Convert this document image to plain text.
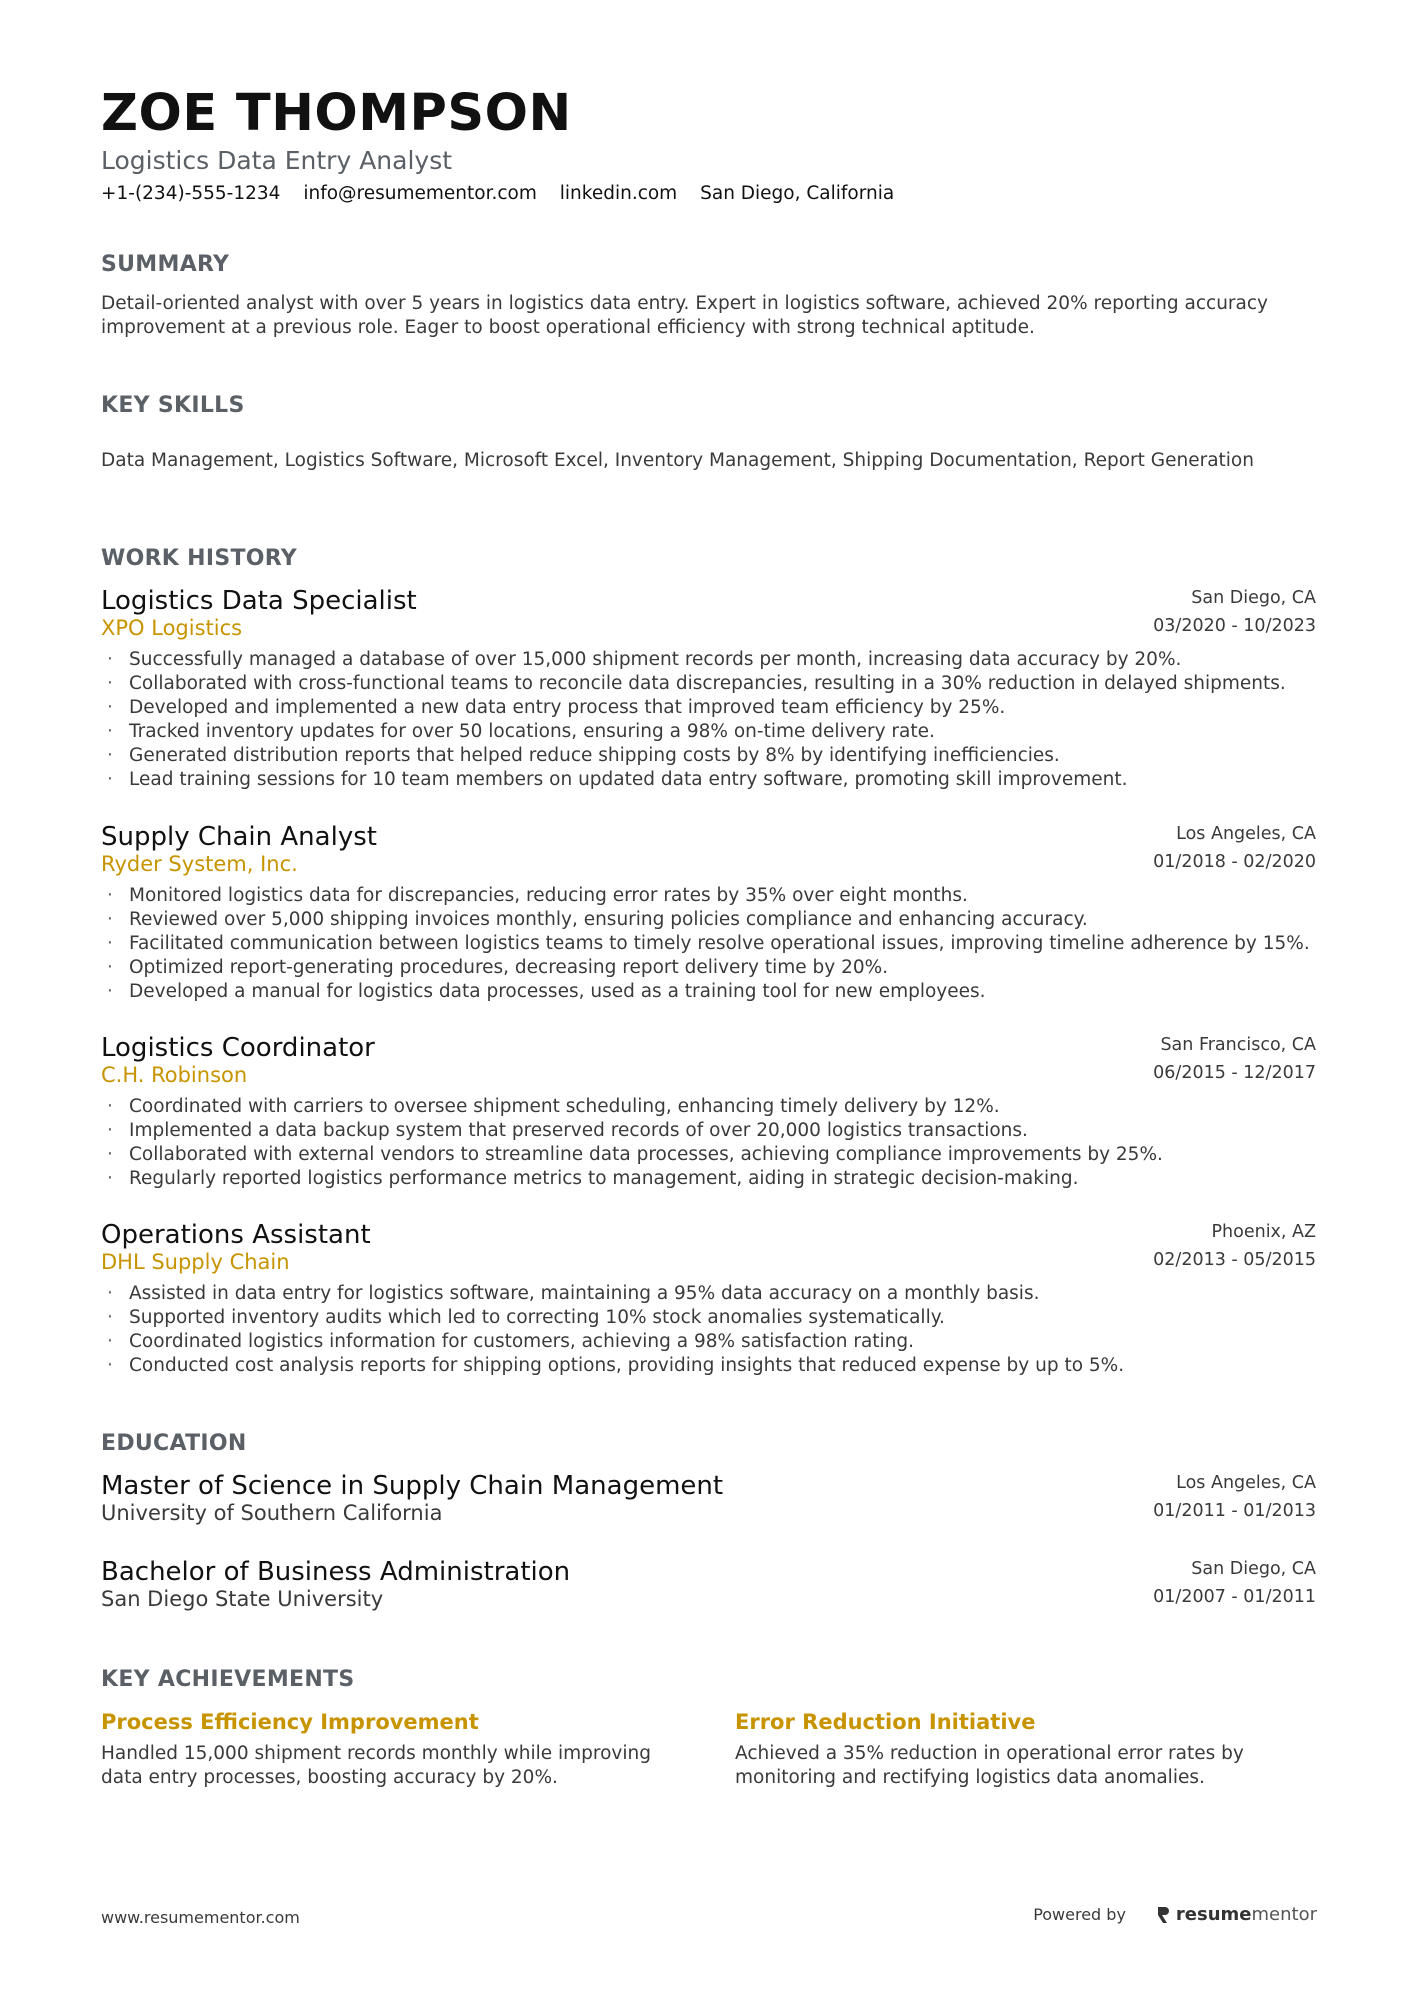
ZOE THOMPSON
Logistics Data Entry Analyst
+1-(234)-555-1234 info@resumementor.com linkedin.com San Diego, California
SUMMARY

Detail-oriented analyst with over 5 years in logistics data entry. Expert in logistics software, achieved 20% reporting accuracy
improvement at a previous role. Eager to boost operational efficiency with strong technical aptitude.

KEY SKILLS

Data Management, Logistics Software, Microsoft Excel, Inventory Management, Shipping Documentation, Report Generation

WORK HISTORY
Logistics Data Specialist	San Diego, CA
XPO Logistics	03/2020 - 10/2023
· Successfully managed a database of over 15,000 shipment records per month, increasing data accuracy by 20%.
· Collaborated with cross-functional teams to reconcile data discrepancies, resulting in a 30% reduction in delayed shipments.
· Developed and implemented a new data entry process that improved team efficiency by 25%.
· Tracked inventory updates for over 50 locations, ensuring a 98% on-time delivery rate.
· Generated distribution reports that helped reduce shipping costs by 8% by identifying inefficiencies.
· Lead training sessions for 10 team members on updated data entry software, promoting skill improvement.
Supply Chain Analyst	Los Angeles, CA
Ryder System, Inc.	01/2018 - 02/2020
· Monitored logistics data for discrepancies, reducing error rates by 35% over eight months.
· Reviewed over 5,000 shipping invoices monthly, ensuring policies compliance and enhancing accuracy.
· Facilitated communication between logistics teams to timely resolve operational issues, improving timeline adherence by 15%.
· Optimized report-generating procedures, decreasing report delivery time by 20%.
· Developed a manual for logistics data processes, used as a training tool for new employees.
Logistics Coordinator	San Francisco, CA
C.H. Robinson	06/2015 - 12/2017
· Coordinated with carriers to oversee shipment scheduling, enhancing timely delivery by 12%.
· Implemented a data backup system that preserved records of over 20,000 logistics transactions.
· Collaborated with external vendors to streamline data processes, achieving compliance improvements by 25%.
· Regularly reported logistics performance metrics to management, aiding in strategic decision-making.
Operations Assistant	Phoenix, AZ
DHL Supply Chain	02/2013 - 05/2015
· Assisted in data entry for logistics software, maintaining a 95% data accuracy on a monthly basis.
· Supported inventory audits which led to correcting 10% stock anomalies systematically.
· Coordinated logistics information for customers, achieving a 98% satisfaction rating.
· Conducted cost analysis reports for shipping options, providing insights that reduced expense by up to 5%.
EDUCATION
Master of Science in Supply Chain Management	Los Angeles, CA
University of Southern California	01/2011 - 01/2013
Bachelor of Business Administration	San Diego, CA
San Diego State University	01/2007 - 01/2011
KEY ACHIEVEMENTS
Process Efficiency Improvement

Handled 15,000 shipment records monthly while improving
data entry processes, boosting accuracy by 20%.

Error Reduction Initiative

Achieved a 35% reduction in operational error rates by
monitoring and rectifying logistics data anomalies.

www.resumementor.com	Powered by	resumementor
